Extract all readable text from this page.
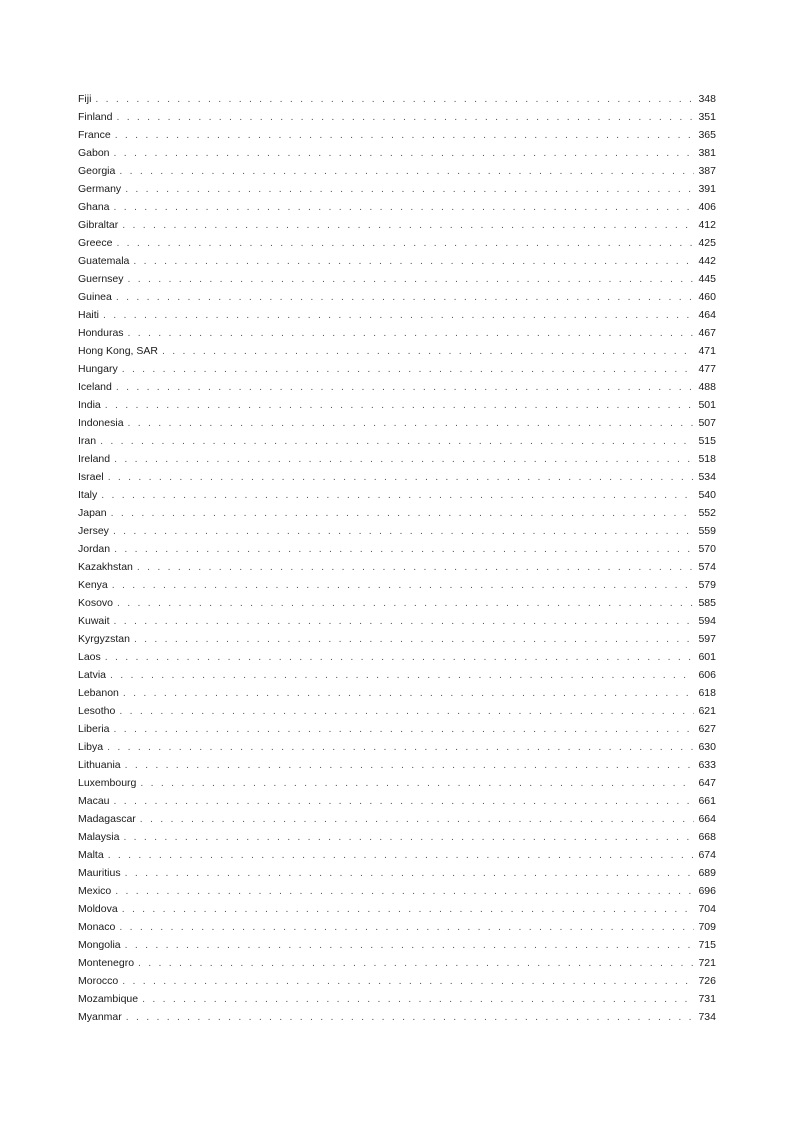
Fiji . . .	348
Finland . . .	351
France . . .	365
Gabon . . .	381
Georgia . . .	387
Germany . . .	391
Ghana . . .	406
Gibraltar . . .	412
Greece . . .	425
Guatemala . . .	442
Guernsey . . .	445
Guinea . . .	460
Haiti . . .	464
Honduras . . .	467
Hong Kong, SAR . . .	471
Hungary . . .	477
Iceland . . .	488
India . . .	501
Indonesia . . .	507
Iran . . .	515
Ireland . . .	518
Israel . . .	534
Italy . . .	540
Japan . . .	552
Jersey . . .	559
Jordan . . .	570
Kazakhstan . . .	574
Kenya . . .	579
Kosovo . . .	585
Kuwait . . .	594
Kyrgyzstan . . .	597
Laos . . .	601
Latvia . . .	606
Lebanon . . .	618
Lesotho . . .	621
Liberia . . .	627
Libya . . .	630
Lithuania . . .	633
Luxembourg . . .	647
Macau . . .	661
Madagascar . . .	664
Malaysia . . .	668
Malta . . .	674
Mauritius . . .	689
Mexico . . .	696
Moldova . . .	704
Monaco . . .	709
Mongolia . . .	715
Montenegro . . .	721
Morocco . . .	726
Mozambique . . .	731
Myanmar . . .	734
